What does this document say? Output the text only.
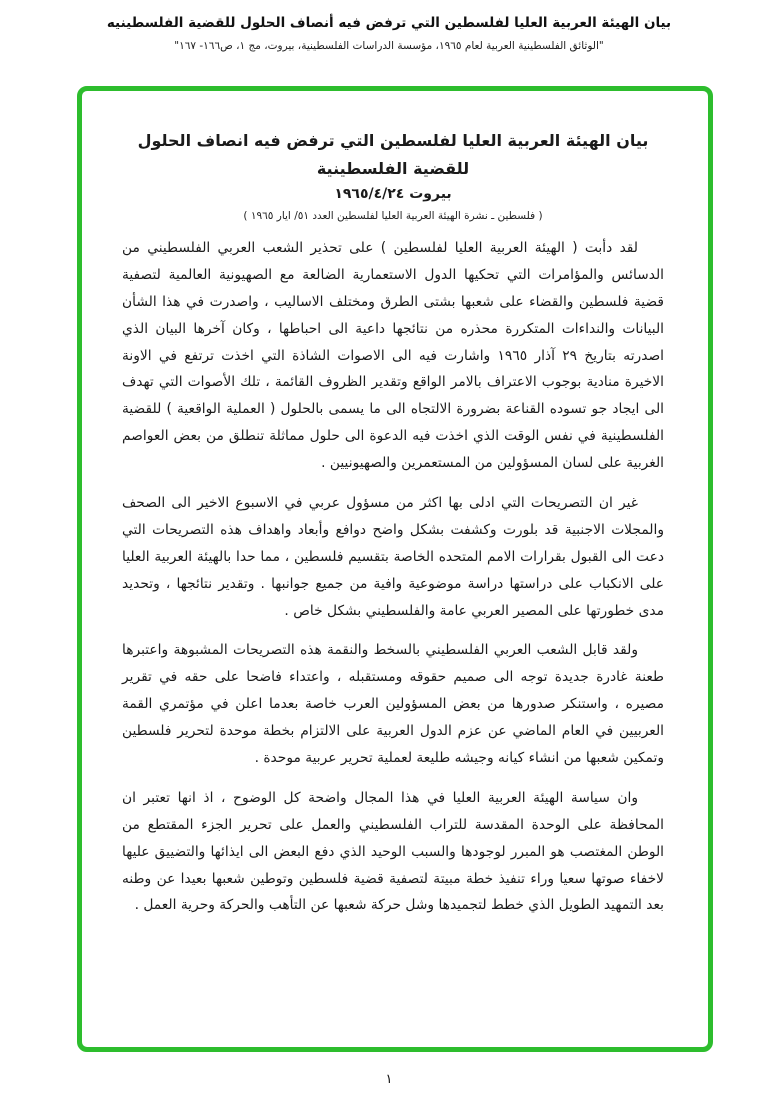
بيان الهيئة العربية العليا لفلسطين التي ترفض فيه أنصاف الحلول للقضية الفلسطينيه
"الوثائق الفلسطينية العربية لعام ١٩٦٥، مؤسسة الدراسات الفلسطينية، بيروت، مج ١، ص١٦٦- ١٦٧"
بيان الهيئة العربية العليا لفلسطين التي ترفض فيه انصاف الحلول للقضية الفلسطينية
بيروت ١٩٦٥/٤/٢٤
( فلسطين ـ نشرة الهيئة العربية العليا لفلسطين العدد ٥١/ ايار ١٩٦٥ )

لقد دأبت ( الهيئة العربية العليا لفلسطين ) على تحذير الشعب العربي الفلسطيني من الدسائس والمؤامرات التي تحكيها الدول الاستعمارية الضالعة مع الصهيونية العالمية لتصفية قضية فلسطين والقضاء على شعبها بشتى الطرق ومختلف الاساليب ، واصدرت في هذا الشأن البيانات والنداءات المتكررة محذره من نتائجها داعية الى احباطها ، وكان آخرها البيان الذي اصدرته بتاريخ ٢٩ آذار ١٩٦٥ واشارت فيه الى الاصوات الشاذة التي اخذت ترتفع في الاونة الاخيرة منادية بوجوب الاعتراف بالامر الواقع وتقدير الظروف القائمة ، تلك الأصوات التي تهدف الى ايجاد جو تسوده القناعة بضرورة الالتجاه الى ما يسمى بالحلول ( العملية الواقعية ) للقضية الفلسطينية في نفس الوقت الذي اخذت فيه الدعوة الى حلول مماثلة تنطلق من بعض العواصم الغربية على لسان المسؤولين من المستعمرين والصهيونيين .

غير ان التصريحات التي ادلى بها اكثر من مسؤول عربي في الاسبوع الاخير الى الصحف والمجلات الاجنبية قد بلورت وكشفت بشكل واضح دوافع وأبعاد واهداف هذه التصريحات التي دعت الى القبول بقرارات الامم المتحده الخاصة بتقسيم فلسطين ، مما حدا بالهيئة العربية العليا على الانكباب على دراستها دراسة موضوعية وافية من جميع جوانبها . وتقدير نتائجها ، وتحديد مدى خطورتها على المصير العربي عامة والفلسطيني بشكل خاص .

ولقد قابل الشعب العربي الفلسطيني بالسخط والنقمة هذه التصريحات المشبوهة واعتبرها طعنة غادرة جديدة توجه الى صميم حقوقه ومستقبله ، واعتداء فاضحا على حقه في تقرير مصيره ، واستنكر صدورها من بعض المسؤولين العرب خاصة بعدما اعلن في مؤتمري القمة العربيين في العام الماضي عن عزم الدول العربية على الالتزام بخطة موحدة لتحرير فلسطين وتمكين شعبها من انشاء كيانه وجيشه طليعة لعملية تحرير عربية موحدة .

وان سياسة الهيئة العربية العليا في هذا المجال واضحة كل الوضوح ، اذ انها تعتبر ان المحافظة على الوحدة المقدسة للتراب الفلسطيني والعمل على تحرير الجزء المقتطع من الوطن المغتصب هو المبرر لوجودها والسبب الوحيد الذي دفع البعض الى ايذائها والتضييق عليها لاخفاء صوتها سعيا وراء تنفيذ خطة مبيتة لتصفية قضية فلسطين وتوطين شعبها بعيدا عن وطنه بعد التمهيد الطويل الذي خطط لتجميدها وشل حركة شعبها عن التأهب والحركة وحرية العمل .

١
